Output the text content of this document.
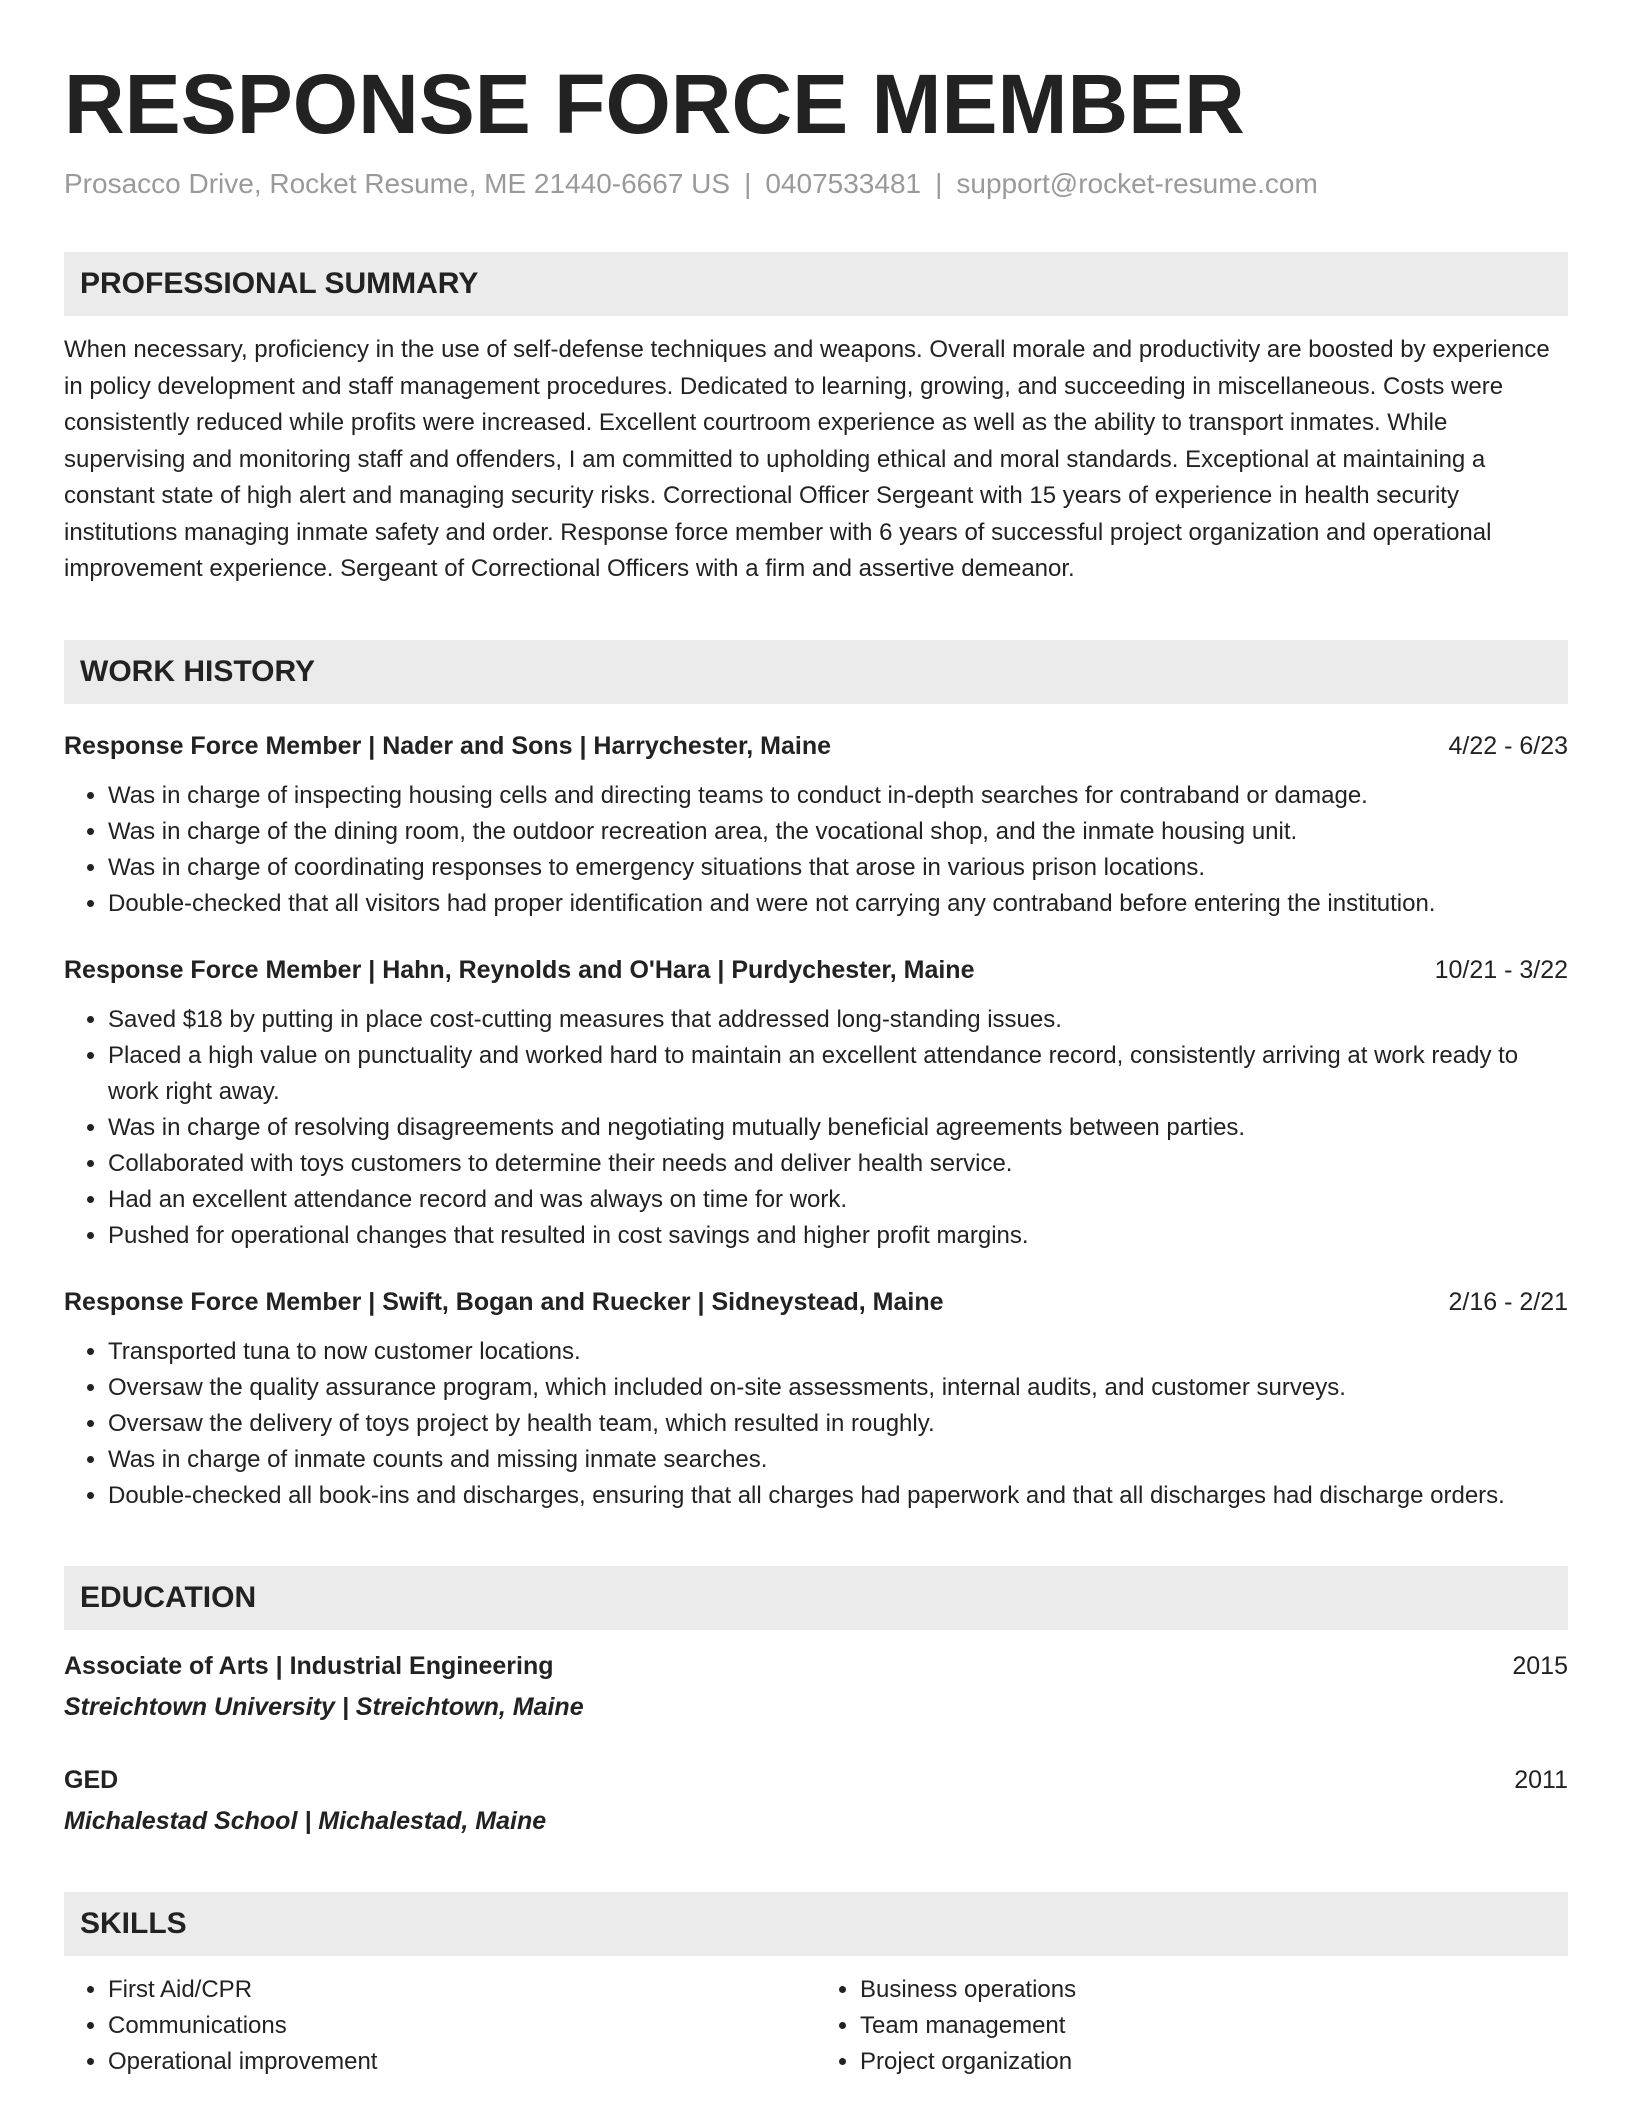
RESPONSE FORCE MEMBER
Prosacco Drive, Rocket Resume, ME 21440-6667 US | 0407533481 | support@rocket-resume.com
PROFESSIONAL SUMMARY
When necessary, proficiency in the use of self-defense techniques and weapons. Overall morale and productivity are boosted by experience in policy development and staff management procedures. Dedicated to learning, growing, and succeeding in miscellaneous. Costs were consistently reduced while profits were increased. Excellent courtroom experience as well as the ability to transport inmates. While supervising and monitoring staff and offenders, I am committed to upholding ethical and moral standards. Exceptional at maintaining a constant state of high alert and managing security risks. Correctional Officer Sergeant with 15 years of experience in health security institutions managing inmate safety and order. Response force member with 6 years of successful project organization and operational improvement experience. Sergeant of Correctional Officers with a firm and assertive demeanor.
WORK HISTORY
Response Force Member | Nader and Sons | Harrychester, Maine	4/22 - 6/23
• Was in charge of inspecting housing cells and directing teams to conduct in-depth searches for contraband or damage.
• Was in charge of the dining room, the outdoor recreation area, the vocational shop, and the inmate housing unit.
• Was in charge of coordinating responses to emergency situations that arose in various prison locations.
• Double-checked that all visitors had proper identification and were not carrying any contraband before entering the institution.
Response Force Member | Hahn, Reynolds and O'Hara | Purdychester, Maine	10/21 - 3/22
• Saved $18 by putting in place cost-cutting measures that addressed long-standing issues.
• Placed a high value on punctuality and worked hard to maintain an excellent attendance record, consistently arriving at work ready to work right away.
• Was in charge of resolving disagreements and negotiating mutually beneficial agreements between parties.
• Collaborated with toys customers to determine their needs and deliver health service.
• Had an excellent attendance record and was always on time for work.
• Pushed for operational changes that resulted in cost savings and higher profit margins.
Response Force Member | Swift, Bogan and Ruecker | Sidneystead, Maine	2/16 - 2/21
• Transported tuna to now customer locations.
• Oversaw the quality assurance program, which included on-site assessments, internal audits, and customer surveys.
• Oversaw the delivery of toys project by health team, which resulted in roughly.
• Was in charge of inmate counts and missing inmate searches.
• Double-checked all book-ins and discharges, ensuring that all charges had paperwork and that all discharges had discharge orders.
EDUCATION
Associate of Arts | Industrial Engineering	2015
Streichtown University | Streichtown, Maine
GED	2011
Michalestad School | Michalestad, Maine
SKILLS
• First Aid/CPR
• Communications
• Operational improvement
• Business operations
• Team management
• Project organization
